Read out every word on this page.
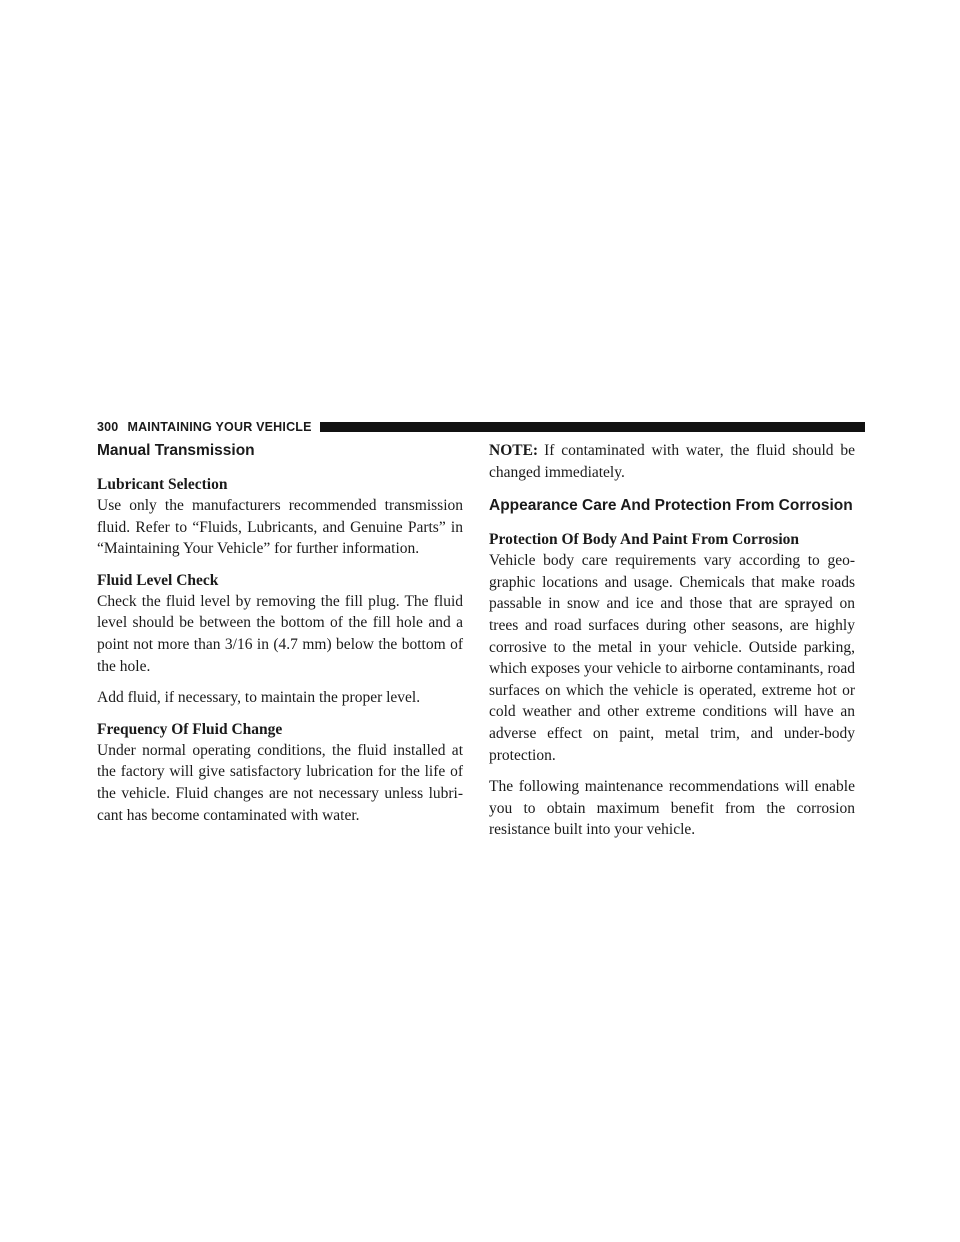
300 MAINTAINING YOUR VEHICLE
Manual Transmission
Lubricant Selection

Use only the manufacturers recommended transmission fluid. Refer to “Fluids, Lubricants, and Genuine Parts” in “Maintaining Your Vehicle” for further information.

Fluid Level Check

Check the fluid level by removing the fill plug. The fluid level should be between the bottom of the fill hole and a point not more than 3/16 in (4.7 mm) below the bottom of the hole.

Add fluid, if necessary, to maintain the proper level.

Frequency Of Fluid Change

Under normal operating conditions, the fluid installed at the factory will give satisfactory lubrication for the life of the vehicle. Fluid changes are not necessary unless lubri-cant has become contaminated with water.

NOTE: If contaminated with water, the fluid should be changed immediately.

Appearance Care And Protection From Corrosion
Protection Of Body And Paint From Corrosion

Vehicle body care requirements vary according to geo-graphic locations and usage. Chemicals that make roads passable in snow and ice and those that are sprayed on trees and road surfaces during other seasons, are highly corrosive to the metal in your vehicle. Outside parking, which exposes your vehicle to airborne contaminants, road surfaces on which the vehicle is operated, extreme hot or cold weather and other extreme conditions will have an adverse effect on paint, metal trim, and under-body protection.

The following maintenance recommendations will enable you to obtain maximum benefit from the corrosion resistance built into your vehicle.
